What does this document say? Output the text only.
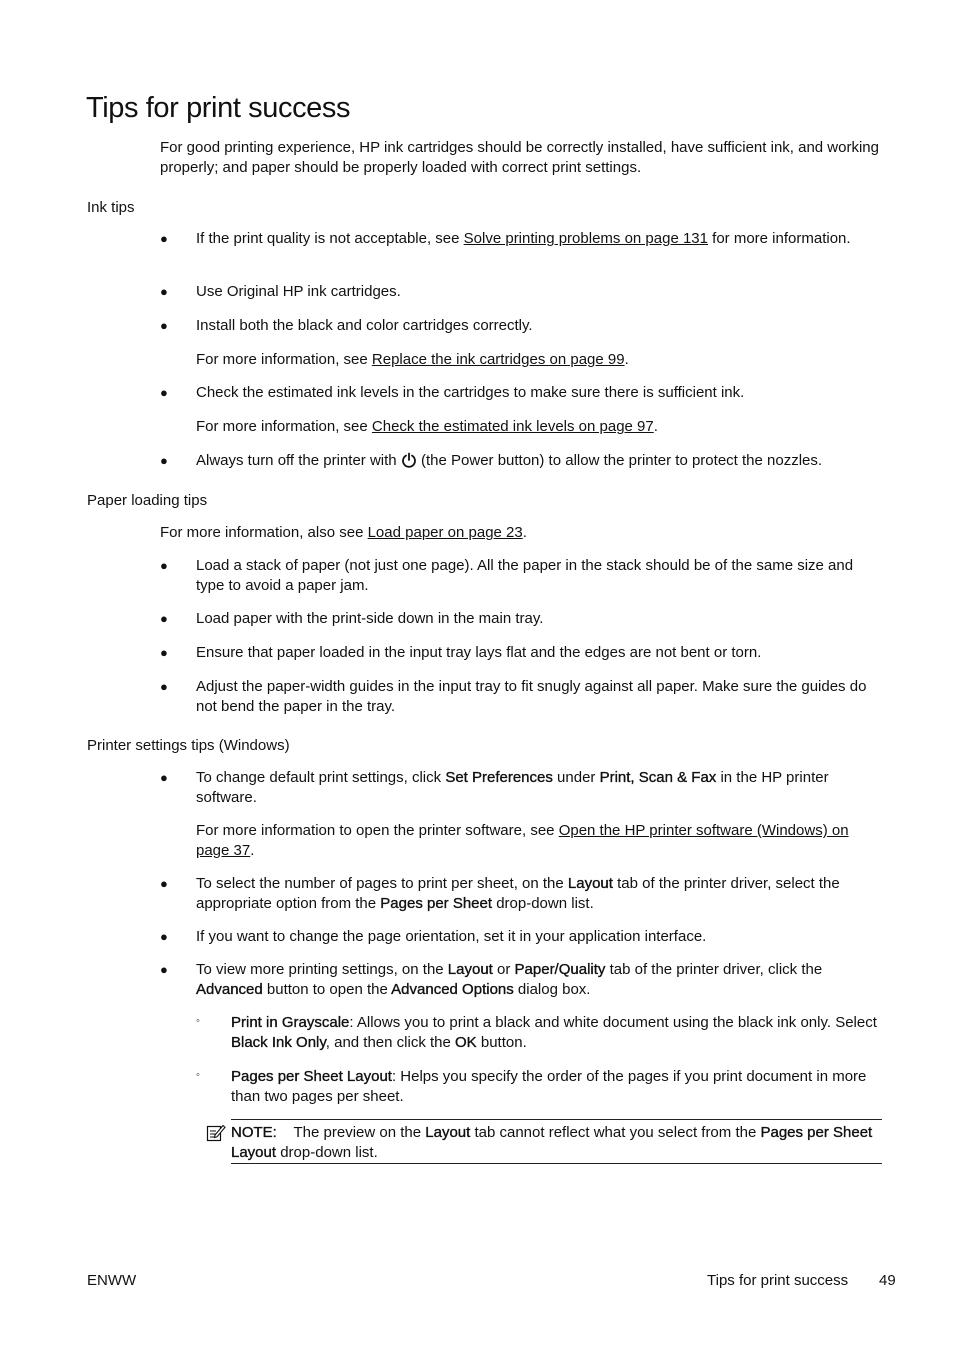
Tips for print success

For good printing experience, HP ink cartridges should be correctly installed, have sufficient ink, and working properly; and paper should be properly loaded with correct print settings.

Ink tips
● If the print quality is not acceptable, see Solve printing problems on page 131 for more information.
● Use Original HP ink cartridges.
● Install both the black and color cartridges correctly.
For more information, see Replace the ink cartridges on page 99.
● Check the estimated ink levels in the cartridges to make sure there is sufficient ink.
For more information, see Check the estimated ink levels on page 97.
● Always turn off the printer with  (the Power button) to allow the printer to protect the nozzles.
Paper loading tips

For more information, also see Load paper on page 23.

● Load a stack of paper (not just one page). All the paper in the stack should be of the same size and type to avoid a paper jam.
● Load paper with the print-side down in the main tray.
● Ensure that paper loaded in the input tray lays flat and the edges are not bent or torn.
● Adjust the paper-width guides in the input tray to fit snugly against all paper. Make sure the guides do not bend the paper in the tray.
Printer settings tips (Windows)
● To change default print settings, click Set Preferences under Print, Scan & Fax in the HP printer software.
For more information to open the printer software, see Open the HP printer software (Windows) on page 37.
● To select the number of pages to print per sheet, on the Layout tab of the printer driver, select the appropriate option from the Pages per Sheet drop-down list.
● If you want to change the page orientation, set it in your application interface.
● To view more printing settings, on the Layout or Paper/Quality tab of the printer driver, click the Advanced button to open the Advanced Options dialog box.
◦ Print in Grayscale: Allows you to print a black and white document using the black ink only. Select Black Ink Only, and then click the OK button.
◦ Pages per Sheet Layout: Helps you specify the order of the pages if you print document in more than two pages per sheet.
NOTE: The preview on the Layout tab cannot reflect what you select from the Pages per Sheet Layout drop-down list.
ENWW	Tips for print success 49
